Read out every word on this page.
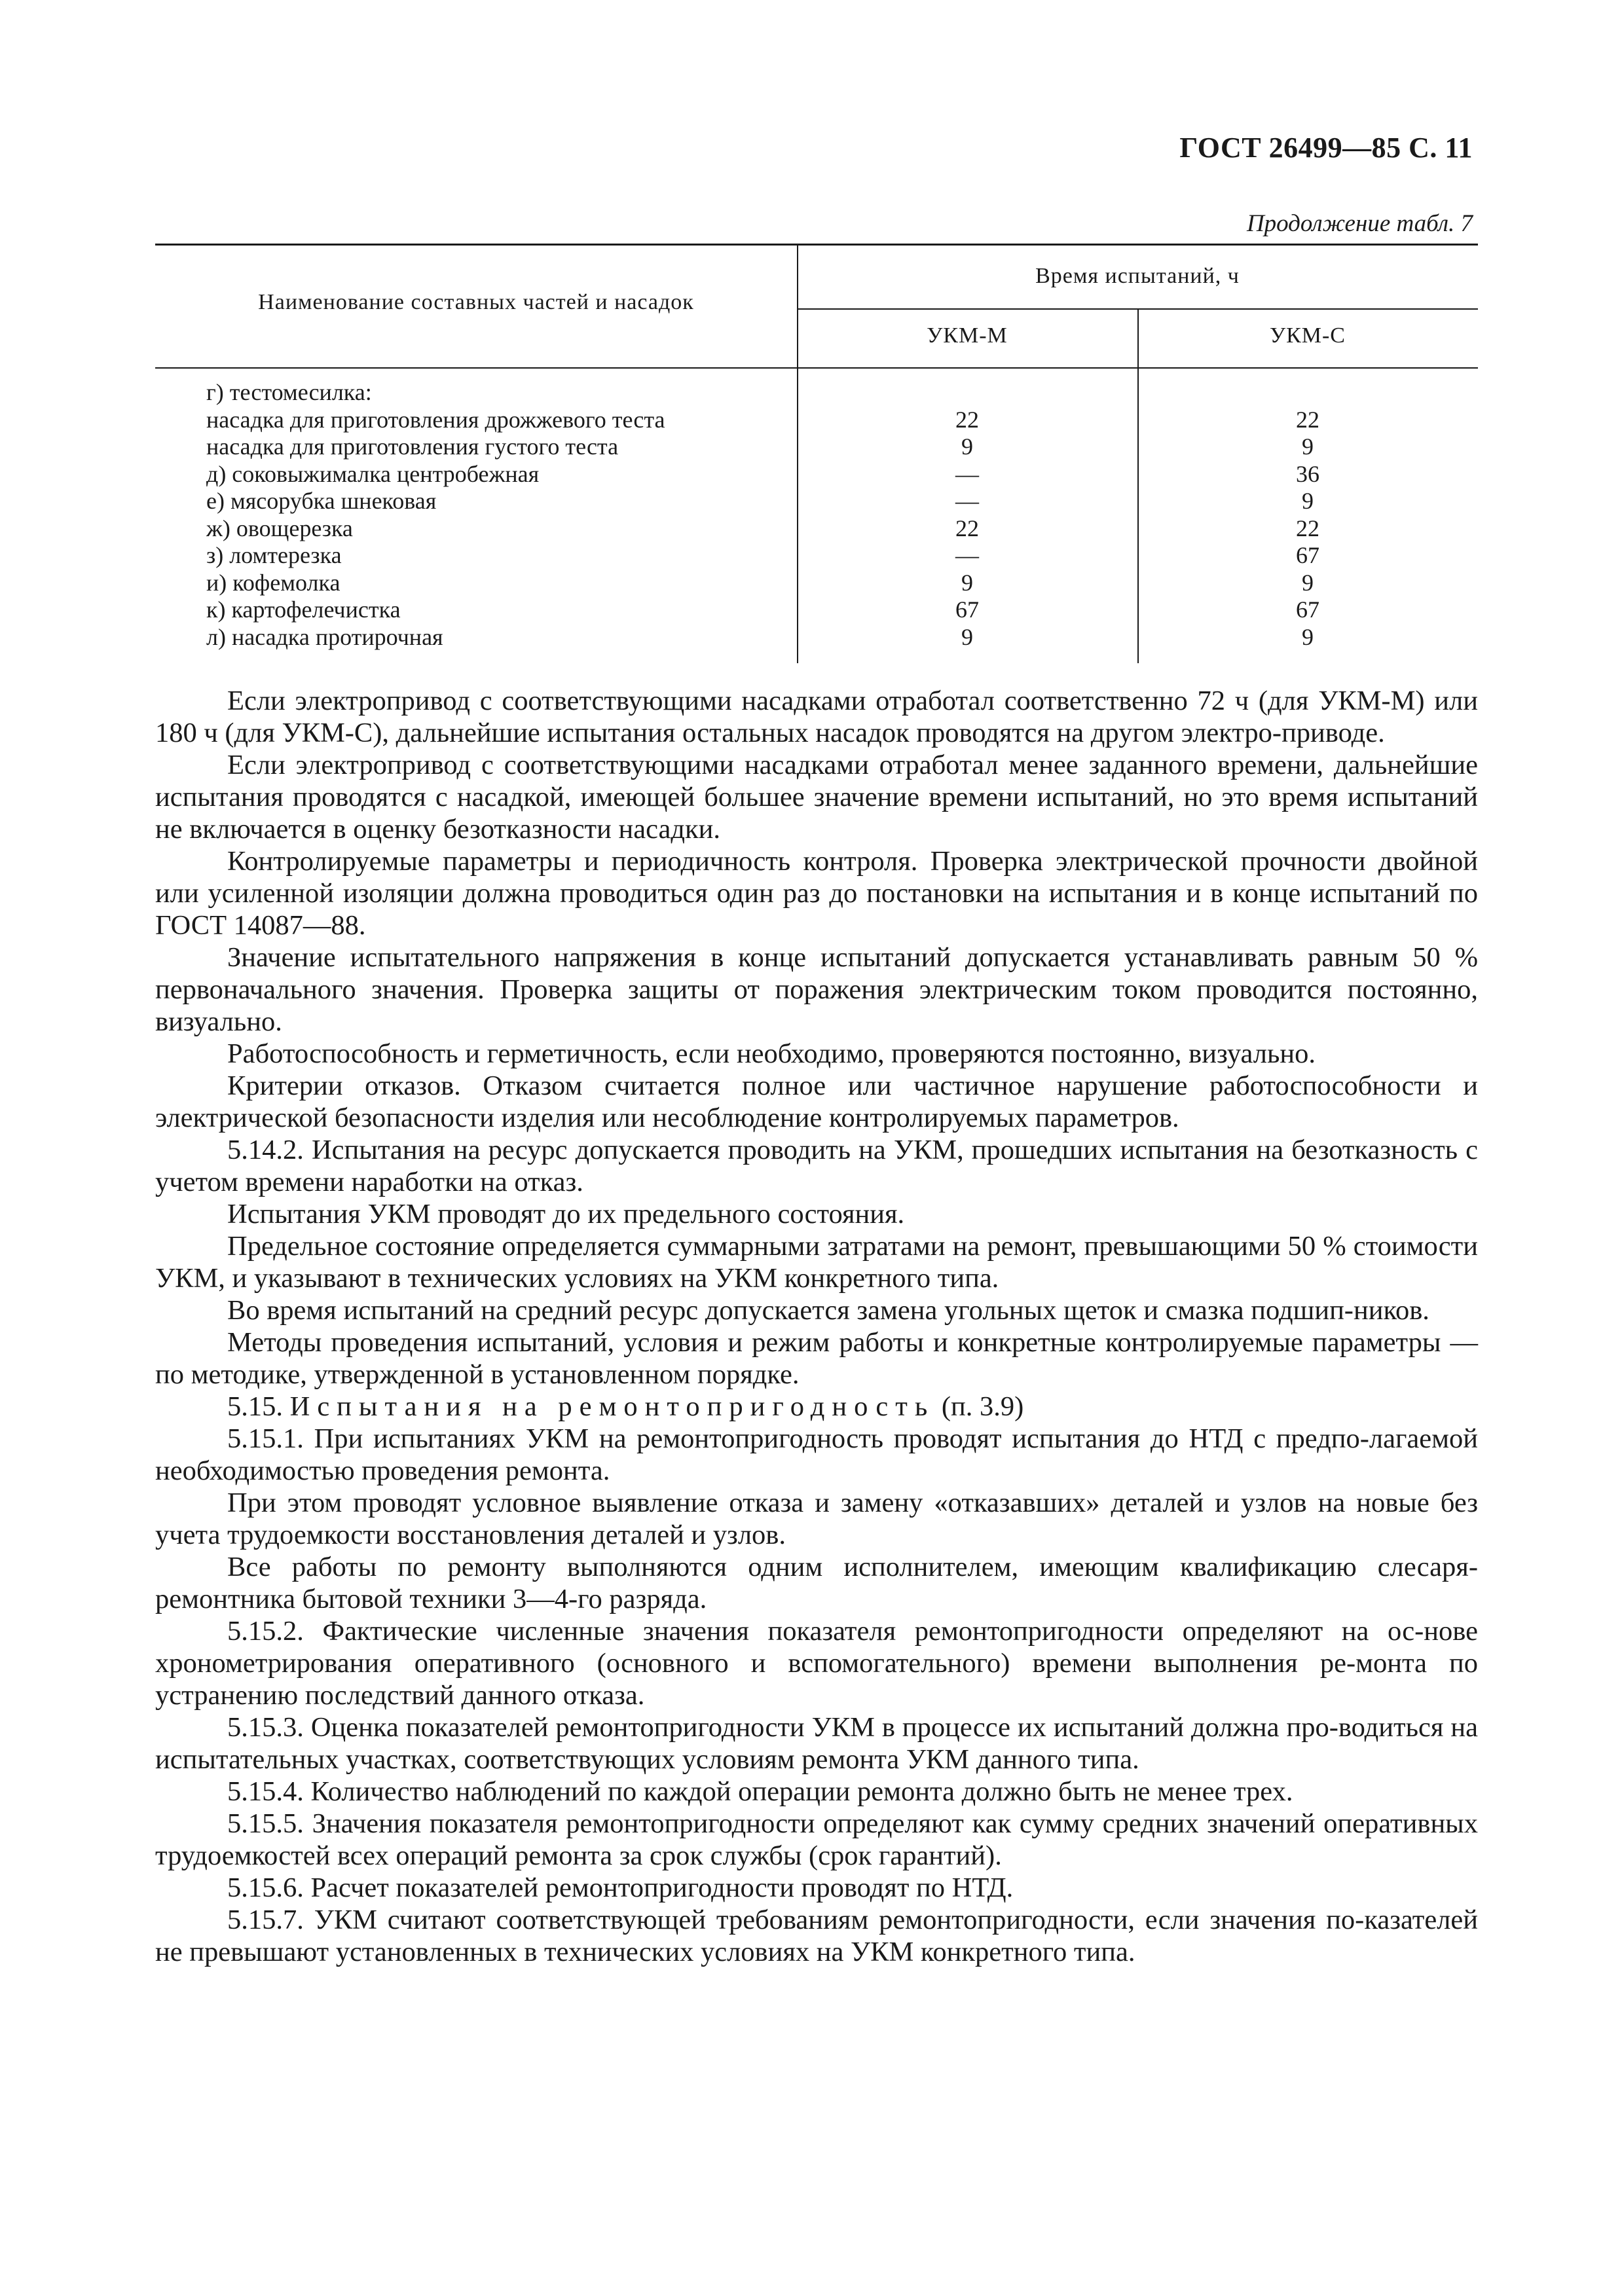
ГОСТ 26499—85 С. 11
Продолжение табл. 7
Наименование составных частей и насадок
Время испытаний, ч
УКМ-М	УКМ-С
г) тестомесилка:
насадка для приготовления дрожжевого теста	22	22
насадка для приготовления густого теста	9	9
д) соковыжималка центробежная	—	36
е) мясорубка шнековая	—	9
ж) овощерезка	22	22
з) ломтерезка	—	67
и) кофемолка	9	9
к) картофелечистка	67	67
л) насадка протирочная	9	9

Если электропривод с соответствующими насадками отработал соответственно 72 ч (для УКМ-М) или 180 ч (для УКМ-С), дальнейшие испытания остальных насадок проводятся на другом электро-приводе.

Если электропривод с соответствующими насадками отработал менее заданного времени, дальнейшие испытания проводятся с насадкой, имеющей большее значение времени испытаний, но это время испытаний не включается в оценку безотказности насадки.

Контролируемые параметры и периодичность контроля. Проверка электрической прочности двойной или усиленной изоляции должна проводиться один раз до постановки на испытания и в конце испытаний по ГОСТ 14087—88.

Значение испытательного напряжения в конце испытаний допускается устанавливать равным 50 % первоначального значения. Проверка защиты от поражения электрическим током проводится постоянно, визуально.

Работоспособность и герметичность, если необходимо, проверяются постоянно, визуально.

Критерии отказов. Отказом считается полное или частичное нарушение работоспособности и электрической безопасности изделия или несоблюдение контролируемых параметров.

5.14.2. Испытания на ресурс допускается проводить на УКМ, прошедших испытания на безотказность с учетом времени наработки на отказ.

Испытания УКМ проводят до их предельного состояния.

Предельное состояние определяется суммарными затратами на ремонт, превышающими 50 % стоимости УКМ, и указывают в технических условиях на УКМ конкретного типа.

Во время испытаний на средний ресурс допускается замена угольных щеток и смазка подшип-ников.

Методы проведения испытаний, условия и режим работы и конкретные контролируемые параметры — по методике, утвержденной в установленном порядке.

5.15. Испытания на ремонтопригодность (п. 3.9)

5.15.1. При испытаниях УКМ на ремонтопригодность проводят испытания до НТД с предпо-лагаемой необходимостью проведения ремонта.

При этом проводят условное выявление отказа и замену «отказавших» деталей и узлов на новые без учета трудоемкости восстановления деталей и узлов.

Все работы по ремонту выполняются одним исполнителем, имеющим квалификацию слесаря-ремонтника бытовой техники 3—4-го разряда.

5.15.2. Фактические численные значения показателя ремонтопригодности определяют на ос-нове хронометрирования оперативного (основного и вспомогательного) времени выполнения ре-монта по устранению последствий данного отказа.

5.15.3. Оценка показателей ремонтопригодности УКМ в процессе их испытаний должна про-водиться на испытательных участках, соответствующих условиям ремонта УКМ данного типа.

5.15.4. Количество наблюдений по каждой операции ремонта должно быть не менее трех.

5.15.5. Значения показателя ремонтопригодности определяют как сумму средних значений оперативных трудоемкостей всех операций ремонта за срок службы (срок гарантий).

5.15.6. Расчет показателей ремонтопригодности проводят по НТД.

5.15.7. УКМ считают соответствующей требованиям ремонтопригодности, если значения по-казателей не превышают установленных в технических условиях на УКМ конкретного типа.
